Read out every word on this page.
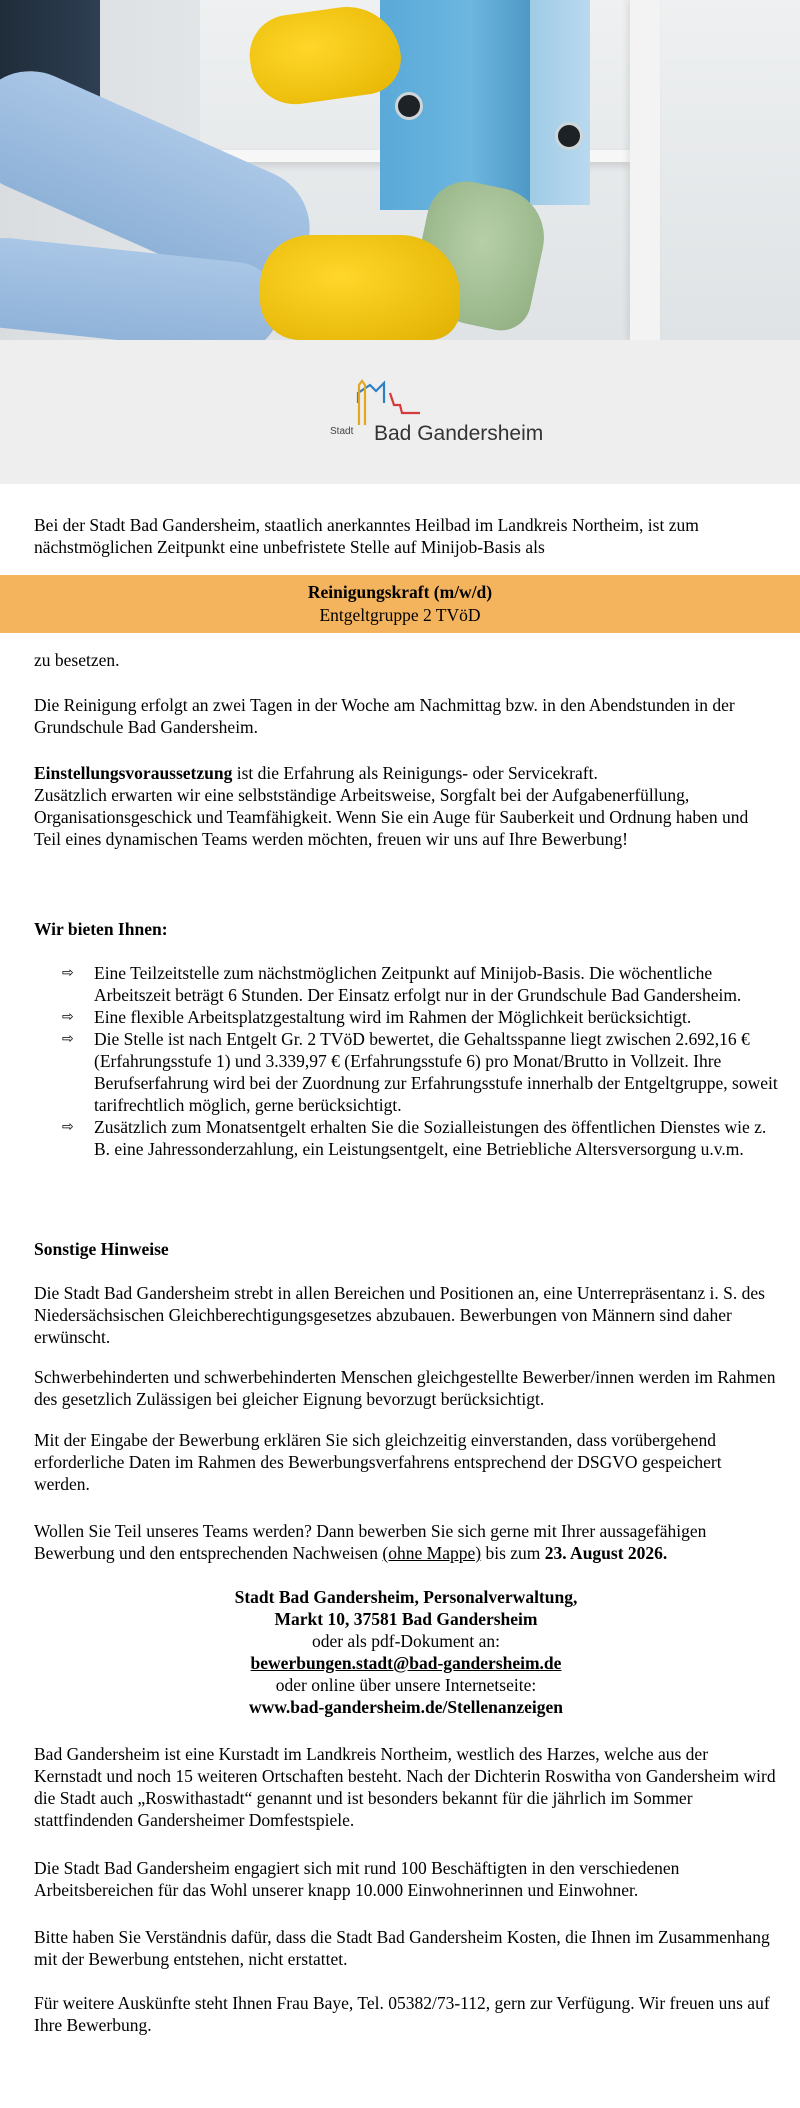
Stadt Bad Gandersheim

Bei der Stadt Bad Gandersheim, staatlich anerkanntes Heilbad im Landkreis Northeim, ist zum nächstmöglichen Zeitpunkt eine unbefristete Stelle auf Minijob-Basis als

Reinigungskraft (m/w/d)
Entgeltgruppe 2 TVöD

zu besetzen.

Die Reinigung erfolgt an zwei Tagen in der Woche am Nachmittag bzw. in den Abendstunden in der Grundschule Bad Gandersheim.

Einstellungsvoraussetzung ist die Erfahrung als Reinigungs- oder Servicekraft.
Zusätzlich erwarten wir eine selbstständige Arbeitsweise, Sorgfalt bei der Aufgabenerfüllung, Organisationsgeschick und Teamfähigkeit. Wenn Sie ein Auge für Sauberkeit und Ordnung haben und Teil eines dynamischen Teams werden möchten, freuen wir uns auf Ihre Bewerbung!

Wir bieten Ihnen:

⇨ Eine Teilzeitstelle zum nächstmöglichen Zeitpunkt auf Minijob-Basis. Die wöchentliche Arbeitszeit beträgt 6 Stunden. Der Einsatz erfolgt nur in der Grundschule Bad Gandersheim.
⇨ Eine flexible Arbeitsplatzgestaltung wird im Rahmen der Möglichkeit berücksichtigt.
⇨ Die Stelle ist nach Entgelt Gr. 2 TVöD bewertet, die Gehaltsspanne liegt zwischen 2.692,16 € (Erfahrungsstufe 1) und 3.339,97 € (Erfahrungsstufe 6) pro Monat/Brutto in Vollzeit. Ihre Berufserfahrung wird bei der Zuordnung zur Erfahrungsstufe innerhalb der Entgeltgruppe, soweit tarifrechtlich möglich, gerne berücksichtigt.
⇨ Zusätzlich zum Monatsentgelt erhalten Sie die Sozialleistungen des öffentlichen Dienstes wie z. B. eine Jahressonderzahlung, ein Leistungsentgelt, eine Betriebliche Altersversorgung u.v.m.

Sonstige Hinweise

Die Stadt Bad Gandersheim strebt in allen Bereichen und Positionen an, eine Unterrepräsentanz i. S. des Niedersächsischen Gleichberechtigungsgesetzes abzubauen. Bewerbungen von Männern sind daher erwünscht.

Schwerbehinderten und schwerbehinderten Menschen gleichgestellte Bewerber/innen werden im Rahmen des gesetzlich Zulässigen bei gleicher Eignung bevorzugt berücksichtigt.

Mit der Eingabe der Bewerbung erklären Sie sich gleichzeitig einverstanden, dass vorübergehend erforderliche Daten im Rahmen des Bewerbungsverfahrens entsprechend der DSGVO gespeichert werden.

Wollen Sie Teil unseres Teams werden? Dann bewerben Sie sich gerne mit Ihrer aussagefähigen Bewerbung und den entsprechenden Nachweisen (ohne Mappe) bis zum 23. August 2026.

Stadt Bad Gandersheim, Personalverwaltung,
Markt 10, 37581 Bad Gandersheim
oder als pdf-Dokument an:
bewerbungen.stadt@bad-gandersheim.de
oder online über unsere Internetseite:
www.bad-gandersheim.de/Stellenanzeigen

Bad Gandersheim ist eine Kurstadt im Landkreis Northeim, westlich des Harzes, welche aus der Kernstadt und noch 15 weiteren Ortschaften besteht. Nach der Dichterin Roswitha von Gandersheim wird die Stadt auch „Roswithastadt“ genannt und ist besonders bekannt für die jährlich im Sommer stattfindenden Gandersheimer Domfestspiele.

Die Stadt Bad Gandersheim engagiert sich mit rund 100 Beschäftigten in den verschiedenen Arbeitsbereichen für das Wohl unserer knapp 10.000 Einwohnerinnen und Einwohner.

Bitte haben Sie Verständnis dafür, dass die Stadt Bad Gandersheim Kosten, die Ihnen im Zusammenhang mit der Bewerbung entstehen, nicht erstattet.

Für weitere Auskünfte steht Ihnen Frau Baye, Tel. 05382/73-112, gern zur Verfügung. Wir freuen uns auf Ihre Bewerbung.
